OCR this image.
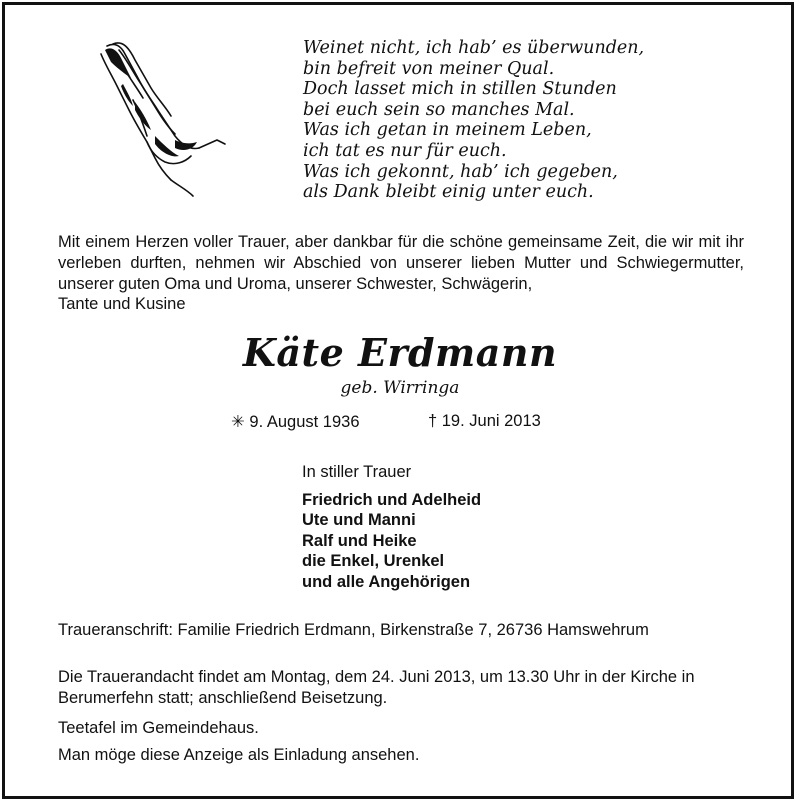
Weinet nicht, ich hab’ es überwunden,
bin befreit von meiner Qual.
Doch lasset mich in stillen Stunden
bei euch sein so manches Mal.
Was ich getan in meinem Leben,
ich tat es nur für euch.
Was ich gekonnt, hab’ ich gegeben,
als Dank bleibt einig unter euch.
Mit einem Herzen voller Trauer, aber dankbar für die schöne gemeinsame Zeit, die wir mit ihr verleben durften, nehmen wir Abschied von unserer lieben Mutter und Schwiegermutter, unserer guten Oma und Uroma, unserer Schwester, Schwägerin,
Tante und Kusine
Käte Erdmann
geb. Wirringa
✳ 9. August 1936	† 19. Juni 2013
In stiller Trauer
Friedrich und Adelheid
Ute und Manni
Ralf und Heike
die Enkel, Urenkel
und alle Angehörigen
Traueranschrift: Familie Friedrich Erdmann, Birkenstraße 7, 26736 Hamswehrum
Die Trauerandacht findet am Montag, dem 24. Juni 2013, um 13.30 Uhr in der Kirche in Berumerfehn statt; anschließend Beisetzung.
Teetafel im Gemeindehaus.
Man möge diese Anzeige als Einladung ansehen.
